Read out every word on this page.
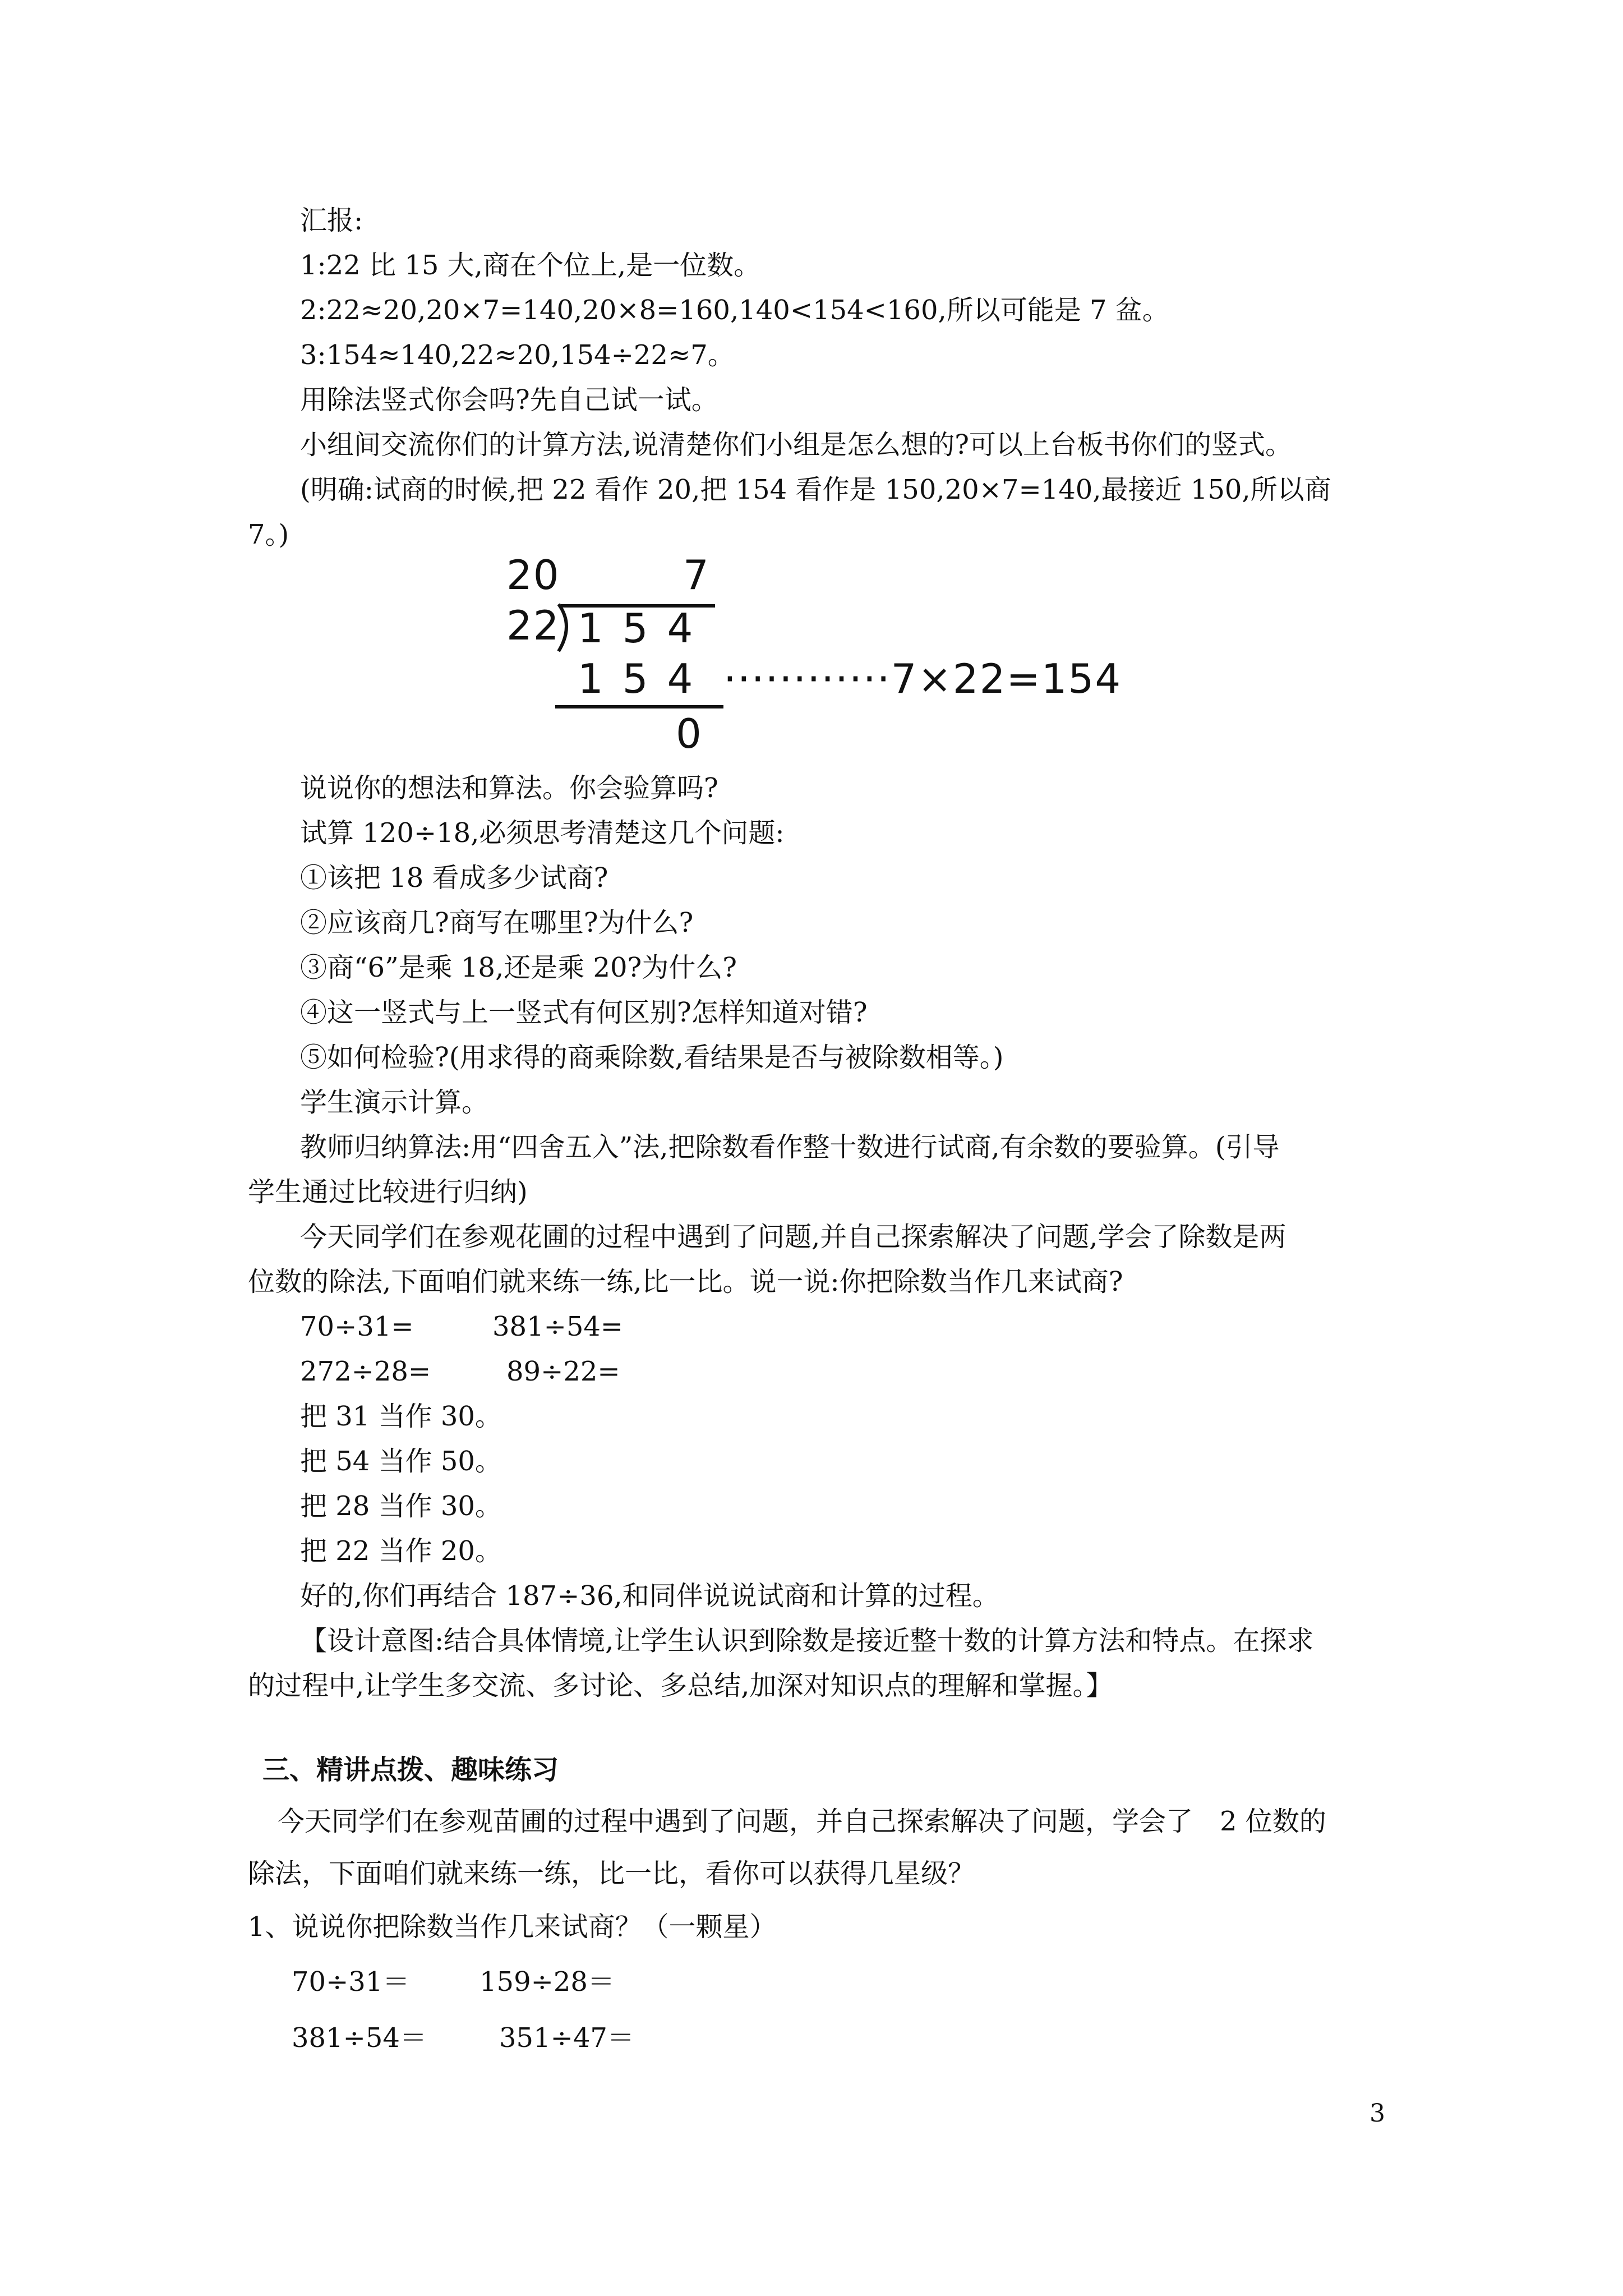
汇报:
1:22 比 15 大,商在个位上,是一位数。
2:22≈20,20×7=140,20×8=160,140<154<160,所以可能是 7 盆。
3:154≈140,22≈20,154÷22≈7。
用除法竖式你会吗?先自己试一试。
小组间交流你们的计算方法,说清楚你们小组是怎么想的?可以上台板书你们的竖式。
(明确:试商的时候,把 22 看作 20,把 154 看作是 150,20×7=140,最接近 150,所以商
7。)
20	7
22 154
154 ············7×22=154
0
说说你的想法和算法。你会验算吗?
试算 120÷18,必须思考清楚这几个问题:
①该把 18 看成多少试商?
②应该商几?商写在哪里?为什么?
③商“6”是乘 18,还是乘 20?为什么?
④这一竖式与上一竖式有何区别?怎样知道对错?
⑤如何检验?(用求得的商乘除数,看结果是否与被除数相等。)
学生演示计算。
教师归纳算法:用“四舍五入”法,把除数看作整十数进行试商,有余数的要验算。(引导
学生通过比较进行归纳)
今天同学们在参观花圃的过程中遇到了问题,并自己探索解决了问题,学会了除数是两
位数的除法,下面咱们就来练一练,比一比。说一说:你把除数当作几来试商?
70÷31=	381÷54=
272÷28=	89÷22=
把 31 当作 30。
把 54 当作 50。
把 28 当作 30。
把 22 当作 20。
好的,你们再结合 187÷36,和同伴说说试商和计算的过程。
【设计意图:结合具体情境,让学生认识到除数是接近整十数的计算方法和特点。在探求
的过程中,让学生多交流、多讨论、多总结,加深对知识点的理解和掌握。】
三、精讲点拨、趣味练习
今天同学们在参观苗圃的过程中遇到了问题，并自己探索解决了问题，学会了　2 位数的
除法，下面咱们就来练一练，比一比，看你可以获得几星级？
1、说说你把除数当作几来试商？（一颗星）
70÷31＝	159÷28＝
381÷54＝	351÷47＝
3
